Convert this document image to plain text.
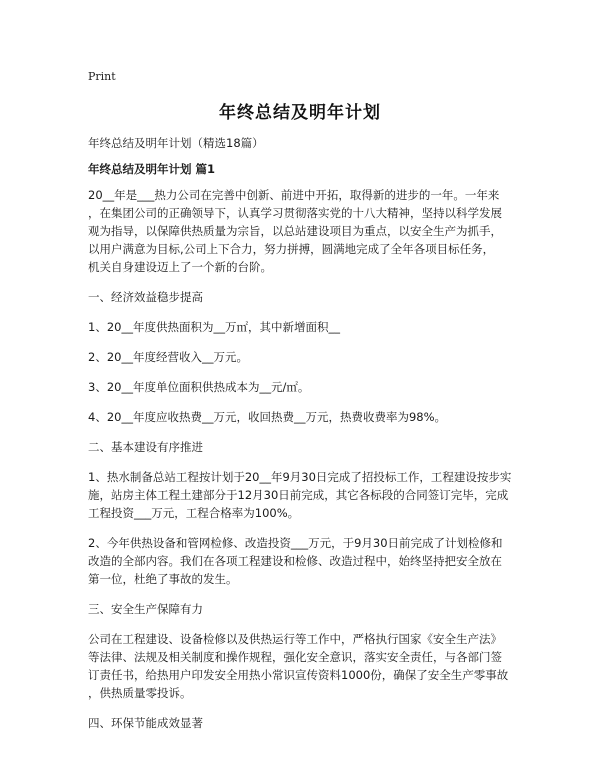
Print
年终总结及明年计划

年终总结及明年计划（精选18篇）

年终总结及明年计划 篇1

20__年是___热力公司在完善中创新、前进中开拓，取得新的进步的一年。一年来
，在集团公司的正确领导下，认真学习贯彻落实党的十八大精神，坚持以科学发展
观为指导，以保障供热质量为宗旨，以总站建设项目为重点，以安全生产为抓手，
以用户满意为目标,公司上下合力，努力拼搏，圆满地完成了全年各项目标任务，
机关自身建设迈上了一个新的台阶。

一、经济效益稳步提高

1、20__年度供热面积为__万㎡，其中新增面积__

2、20__年度经营收入__万元。

3、20__年度单位面积供热成本为__元/㎡。

4、20__年度应收热费__万元，收回热费__万元，热费收费率为98%。

二、基本建设有序推进

1、热水制备总站工程按计划于20__年9月30日完成了招投标工作，工程建设按步实
施，站房主体工程土建部分于12月30日前完成，其它各标段的合同签订完毕，完成
工程投资___万元，工程合格率为100%。
2、今年供热设备和管网检修、改造投资___万元，于9月30日前完成了计划检修和
改造的全部内容。我们在各项工程建设和检修、改造过程中，始终坚持把安全放在
第一位，杜绝了事故的发生。

三、安全生产保障有力

公司在工程建设、设备检修以及供热运行等工作中，严格执行国家《安全生产法》
等法律、法规及相关制度和操作规程，强化安全意识，落实安全责任，与各部门签
订责任书，给热用户印发安全用热小常识宣传资料1000份，确保了安全生产零事故
，供热质量零投诉。

四、环保节能成效显著
